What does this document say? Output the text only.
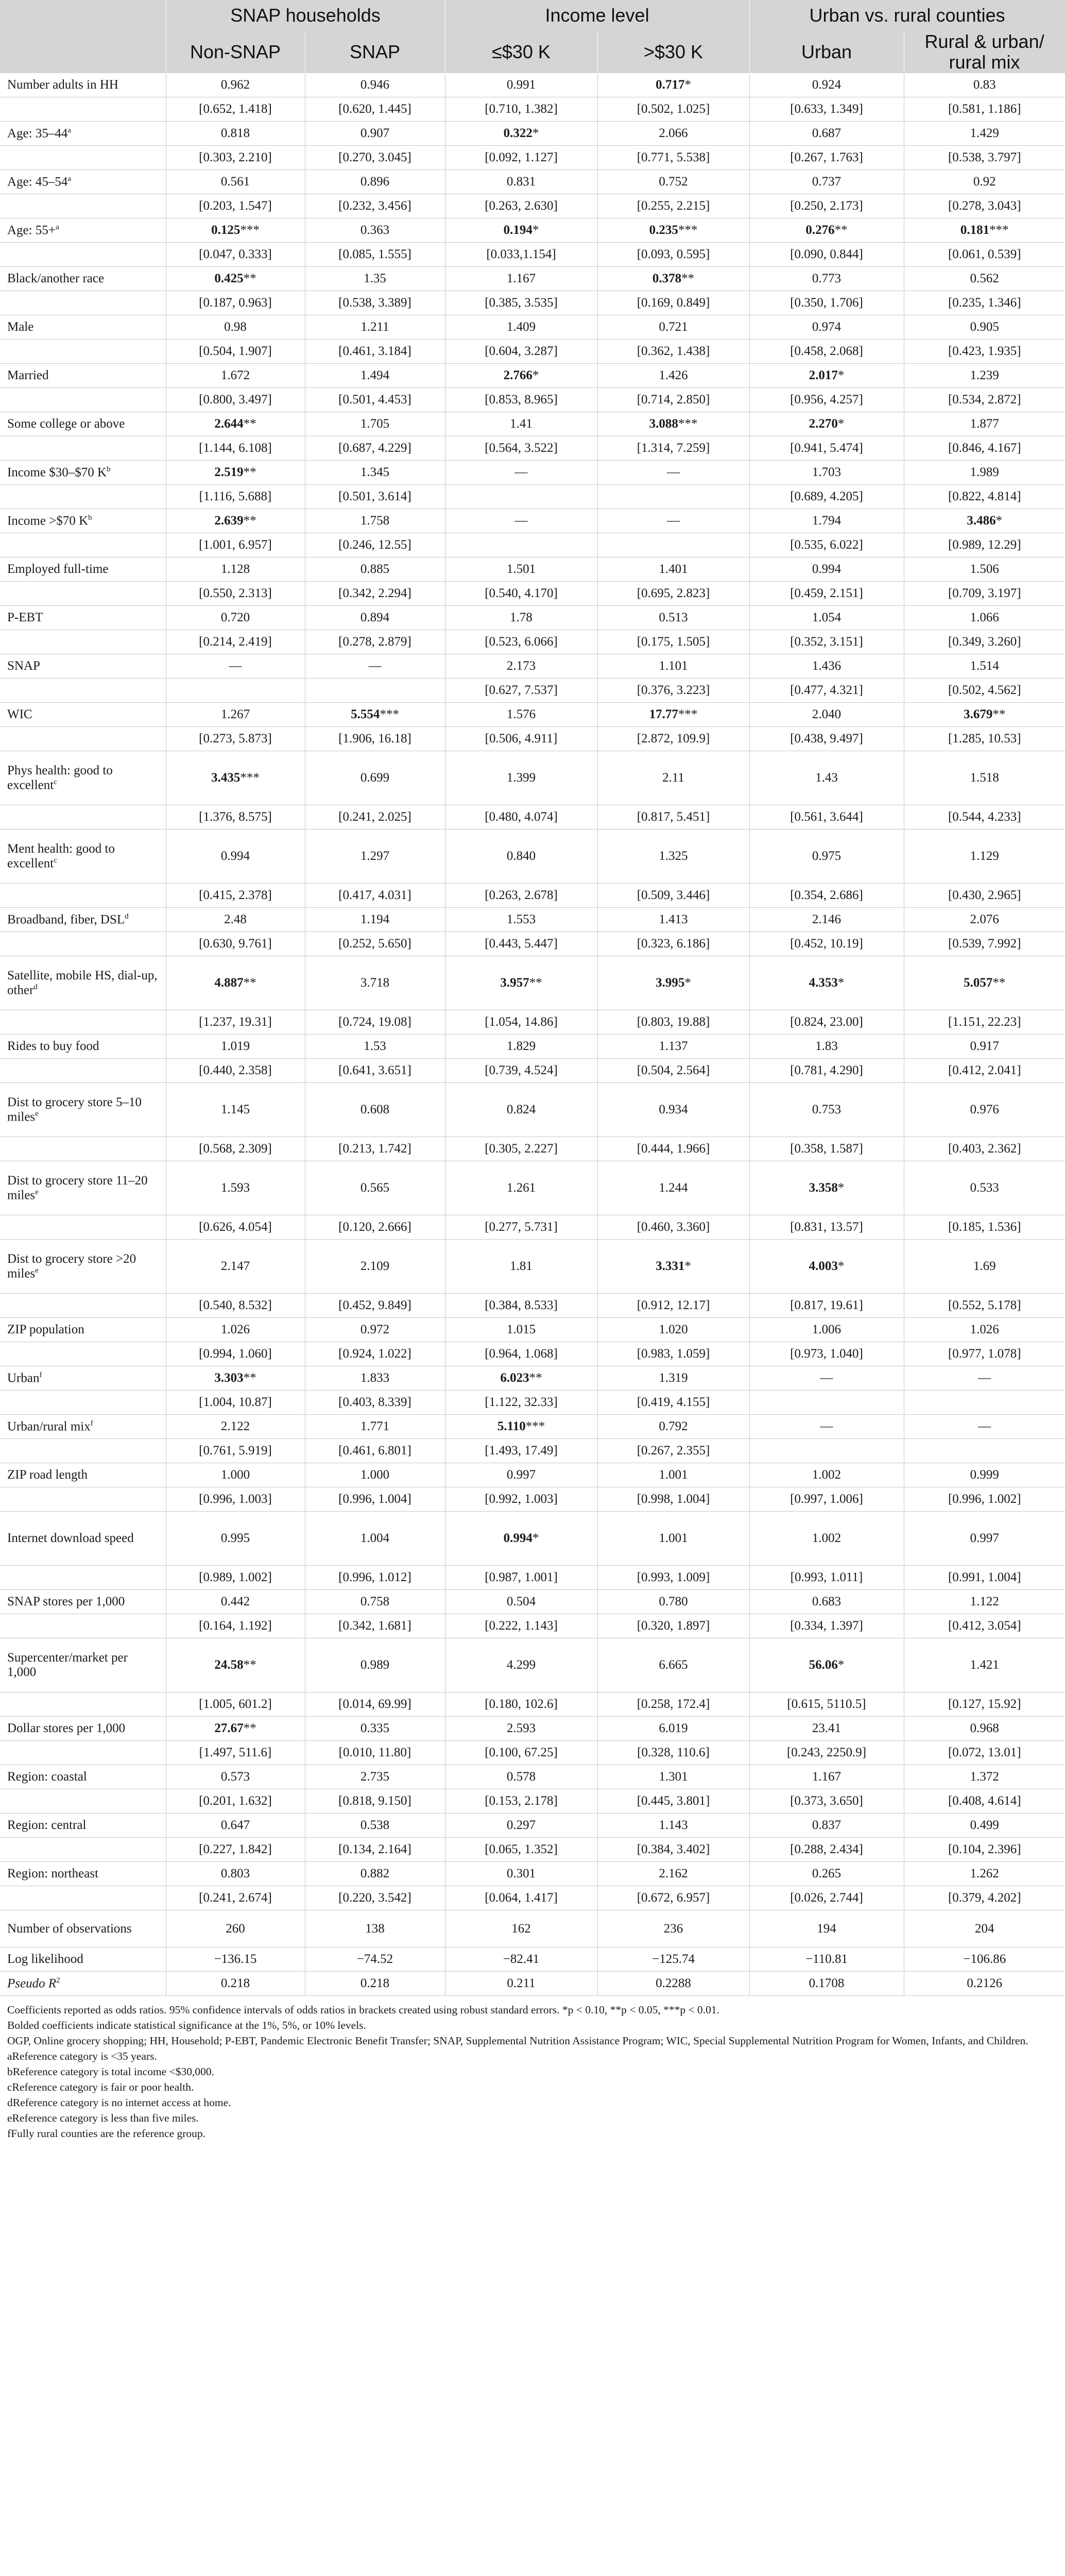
	SNAP households		Income level		Urban vs. rural counties	
	Non-SNAP	SNAP	≤$30 K	>$30 K	Urban	Rural & urban/ rural mix
Number adults in HH	0.962	0.946	0.991	0.717*	0.924	0.83
	[0.652, 1.418]	[0.620, 1.445]	[0.710, 1.382]	[0.502, 1.025]	[0.633, 1.349]	[0.581, 1.186]
Age: 35–44$^a$	0.818	0.907	0.322*	2.066	0.687	1.429
	[0.303, 2.210]	[0.270, 3.045]	[0.092, 1.127]	[0.771, 5.538]	[0.267, 1.763]	[0.538, 3.797]
Age: 45–54$^a$	0.561	0.896	0.831	0.752	0.737	0.92
	[0.203, 1.547]	[0.232, 3.456]	[0.263, 2.630]	[0.255, 2.215]	[0.250, 2.173]	[0.278, 3.043]
Age: 55+$^a$	0.125***	0.363	0.194*	0.235***	0.276**	0.181***
	[0.047, 0.333]	[0.085, 1.555]	[0.033,1.154]	[0.093, 0.595]	[0.090, 0.844]	[0.061, 0.539]
Black/another race	0.425**	1.35	1.167	0.378**	0.773	0.562
	[0.187, 0.963]	[0.538, 3.389]	[0.385, 3.535]	[0.169, 0.849]	[0.350, 1.706]	[0.235, 1.346]
Male	0.98	1.211	1.409	0.721	0.974	0.905
	[0.504, 1.907]	[0.461, 3.184]	[0.604, 3.287]	[0.362, 1.438]	[0.458, 2.068]	[0.423, 1.935]
Married	1.672	1.494	2.766*	1.426	2.017*	1.239
	[0.800, 3.497]	[0.501, 4.453]	[0.853, 8.965]	[0.714, 2.850]	[0.956, 4.257]	[0.534, 2.872]
Some college or above	2.644**	1.705	1.41	3.088***	2.270*	1.877
	[1.144, 6.108]	[0.687, 4.229]	[0.564, 3.522]	[1.314, 7.259]	[0.941, 5.474]	[0.846, 4.167]
Income $30–$70 $K^b$	2.519**	1.345	—	—	1.703	1.989
	[1.116, 5.688]	[0.501, 3.614]			[0.689, 4.205]	[0.822, 4.814]
Income >$70 $K^b$	2.639**	1.758	—	—	1.794	3.486*
	[1.001, 6.957]	[0.246, 12.55]			[0.535, 6.022]	[0.989, 12.29]
Employed full-time	1.128	0.885	1.501	1.401	0.994	1.506
	[0.550, 2.313]	[0.342, 2.294]	[0.540, 4.170]	[0.695, 2.823]	[0.459, 2.151]	[0.709, 3.197]
P-EBT	0.720	0.894	1.78	0.513	1.054	1.066
	[0.214, 2.419]	[0.278, 2.879]	[0.523, 6.066]	[0.175, 1.505]	[0.352, 3.151]	[0.349, 3.260]
SNAP	—	—	2.173	1.101	1.436	1.514
			[0.627, 7.537]	[0.376, 3.223]	[0.477, 4.321]	[0.502, 4.562]
WIC	1.267	5.554***	1.576	17.77***	2.040	3.679**
	[0.273, 5.873]	[1.906, 16.18]	[0.506, 4.911]	[2.872, 109.9]	[0.438, 9.497]	[1.285, 10.53]
Phys health: good to excellent$^c$	3.435***	0.699	1.399	2.11	1.43	1.518
	[1.376, 8.575]	[0.241, 2.025]	[0.480, 4.074]	[0.817, 5.451]	[0.561, 3.644]	[0.544, 4.233]
Ment health: good to excellent$^c$	0.994	1.297	0.840	1.325	0.975	1.129
	[0.415, 2.378]	[0.417, 4.031]	[0.263, 2.678]	[0.509, 3.446]	[0.354, 2.686]	[0.430, 2.965]
Broadband, fiber, DSL$^d$	2.48	1.194	1.553	1.413	2.146	2.076
	[0.630, 9.761]	[0.252, 5.650]	[0.443, 5.447]	[0.323, 6.186]	[0.452, 10.19]	[0.539, 7.992]
Satellite, mobile HS, dial-up, other$^d$	4.887**	3.718	3.957**	3.995*	4.353*	5.057**
	[1.237, 19.31]	[0.724, 19.08]	[1.054, 14.86]	[0.803, 19.88]	[0.824, 23.00]	[1.151, 22.23]
Rides to buy food	1.019	1.53	1.829	1.137	1.83	0.917
	[0.440, 2.358]	[0.641, 3.651]	[0.739, 4.524]	[0.504, 2.564]	[0.781, 4.290]	[0.412, 2.041]
Dist to grocery store 5–10 miles$^e$	1.145	0.608	0.824	0.934	0.753	0.976
	[0.568, 2.309]	[0.213, 1.742]	[0.305, 2.227]	[0.444, 1.966]	[0.358, 1.587]	[0.403, 2.362]
Dist to grocery store 11–20 miles$^e$	1.593	0.565	1.261	1.244	3.358*	0.533
	[0.626, 4.054]	[0.120, 2.666]	[0.277, 5.731]	[0.460, 3.360]	[0.831, 13.57]	[0.185, 1.536]
Dist to grocery store >20 miles$^e$	2.147	2.109	1.81	3.331*	4.003*	1.69
	[0.540, 8.532]	[0.452, 9.849]	[0.384, 8.533]	[0.912, 12.17]	[0.817, 19.61]	[0.552, 5.178]
ZIP population	1.026	0.972	1.015	1.020	1.006	1.026
	[0.994, 1.060]	[0.924, 1.022]	[0.964, 1.068]	[0.983, 1.059]	[0.973, 1.040]	[0.977, 1.078]
Urban$^f$	3.303**	1.833	6.023**	1.319	—	—
	[1.004, 10.87]	[0.403, 8.339]	[1.122, 32.33]	[0.419, 4.155]		
Urban/rural mix$^f$	2.122	1.771	5.110***	0.792	—	—
	[0.761, 5.919]	[0.461, 6.801]	[1.493, 17.49]	[0.267, 2.355]		
ZIP road length	1.000	1.000	0.997	1.001	1.002	0.999
	[0.996, 1.003]	[0.996, 1.004]	[0.992, 1.003]	[0.998, 1.004]	[0.997, 1.006]	[0.996, 1.002]
Internet download speed	0.995	1.004	0.994*	1.001	1.002	0.997
	[0.989, 1.002]	[0.996, 1.012]	[0.987, 1.001]	[0.993, 1.009]	[0.993, 1.011]	[0.991, 1.004]
SNAP stores per 1,000	0.442	0.758	0.504	0.780	0.683	1.122
	[0.164, 1.192]	[0.342, 1.681]	[0.222, 1.143]	[0.320, 1.897]	[0.334, 1.397]	[0.412, 3.054]
Supercenter/market per 1,000	24.58**	0.989	4.299	6.665	56.06*	1.421
	[1.005, 601.2]	[0.014, 69.99]	[0.180, 102.6]	[0.258, 172.4]	[0.615, 5110.5]	[0.127, 15.92]
Dollar stores per 1,000	27.67**	0.335	2.593	6.019	23.41	0.968
	[1.497, 511.6]	[0.010, 11.80]	[0.100, 67.25]	[0.328, 110.6]	[0.243, 2250.9]	[0.072, 13.01]
Region: coastal	0.573	2.735	0.578	1.301	1.167	1.372
	[0.201, 1.632]	[0.818, 9.150]	[0.153, 2.178]	[0.445, 3.801]	[0.373, 3.650]	[0.408, 4.614]
Region: central	0.647	0.538	0.297	1.143	0.837	0.499
	[0.227, 1.842]	[0.134, 2.164]	[0.065, 1.352]	[0.384, 3.402]	[0.288, 2.434]	[0.104, 2.396]
Region: northeast	0.803	0.882	0.301	2.162	0.265	1.262
	[0.241, 2.674]	[0.220, 3.542]	[0.064, 1.417]	[0.672, 6.957]	[0.026, 2.744]	[0.379, 4.202]
Number of observations	260	138	162	236	194	204
Log likelihood	−136.15	−74.52	−82.41	−125.74	−110.81	−106.86
Pseudo $R^2$	0.218	0.218	0.211	0.2288	0.1708	0.2126

Coefficients reported as odds ratios. 95% confidence intervals of odds ratios in brackets created using robust standard errors. *p < 0.10, **p < 0.05, ***p < 0.01.

Bolded coefficients indicate statistical significance at the 1%, 5%, or 10% levels.

OGP, Online grocery shopping; HH, Household; P-EBT, Pandemic Electronic Benefit Transfer; SNAP, Supplemental Nutrition Assistance Program; WIC, Special Supplemental Nutrition Program for Women, Infants, and Children.

aReference category is <35 years.

bReference category is total income <$30,000.

cReference category is fair or poor health.

dReference category is no internet access at home.

eReference category is less than five miles.

fFully rural counties are the reference group.
